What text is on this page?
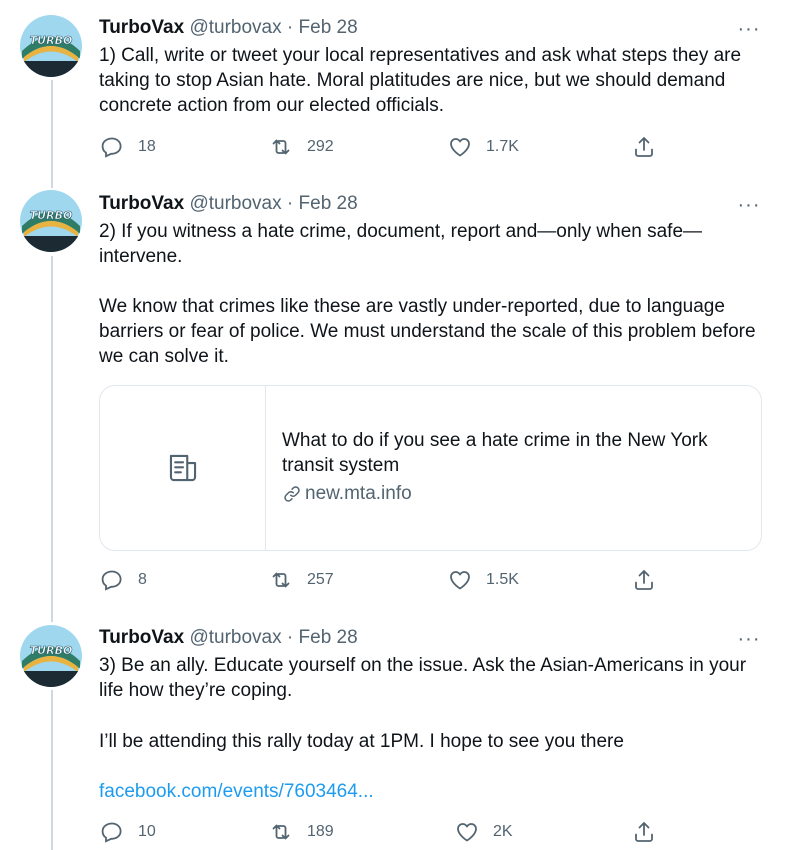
TURBO
TurboVax @turbovax · Feb 28	···

1) Call, write or tweet your local representatives and ask what steps they are taking to stop Asian hate. Moral platitudes are nice, but we should demand concrete action from our elected officials.

18	292	1.7K
TURBO
TurboVax @turbovax · Feb 28	···

2) If you witness a hate crime, document, report and—only when safe—intervene.

We know that crimes like these are vastly under-reported, due to language barriers or fear of police. We must understand the scale of this problem before we can solve it.

What to do if you see a hate crime in the New York transit system
new.mta.info
8	257	1.5K
TURBO
TurboVax @turbovax · Feb 28	···

3) Be an ally. Educate yourself on the issue. Ask the Asian-Americans in your life how they’re coping.

I’ll be attending this rally today at 1PM. I hope to see you there

facebook.com/events/7603464...
10	189	2K
